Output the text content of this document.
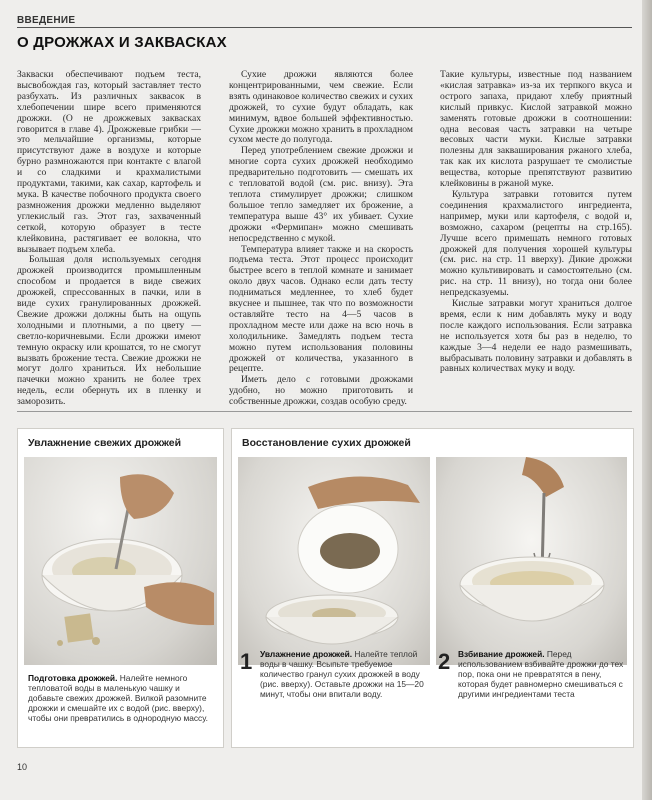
ВВЕДЕНИЕ
О ДРОЖЖАХ И ЗАКВАСКАХ

Закваски обеспечивают подъем теста, высвобождая газ, который заставляет тесто разбухать. Из различных заквасок в хлебопечении шире всего применяются дрожжи. (О не дрожжевых заквасках говорится в главе 4). Дрожжевые грибки — это мельчайшие организмы, которые присутствуют даже в воздухе и которые бурно размножаются при контакте с влагой и со сладкими и крахмалистыми продуктами, такими, как сахар, картофель и мука. В качестве побочного продукта своего размножения дрожжи медленно выделяют углекислый газ. Этот газ, захваченный сеткой, которую образует в тесте клейковина, растягивает ее волокна, что вызывает подъем хлеба.

Большая доля используемых сегодня дрожжей производится промышленным способом и продается в виде свежих дрожжей, спрессованных в пачки, или в виде сухих гранулированных дрожжей. Свежие дрожжи должны быть на ощупь холодными и плотными, а по цвету — светло-коричневыми. Если дрожжи имеют темную окраску или крошатся, то не смогут вызвать брожение теста. Свежие дрожжи не могут долго храниться. Их небольшие пачечки можно хранить не более трех недель, если обернуть их в пленку и заморозить.

Сухие дрожжи являются более концентрированными, чем свежие. Если взять одинаковое количество свежих и сухих дрожжей, то сухие будут обладать, как минимум, вдвое большей эффективностью. Сухие дрожжи можно хранить в прохладном сухом месте до полугода.

Перед употреблением свежие дрожжи и многие сорта сухих дрожжей необходимо предварительно подготовить — смешать их с тепловатой водой (см. рис. внизу). Эта теплота стимулирует дрожжи; слишком большое тепло замедляет их брожение, а температура выше 43° их убивает. Сухие дрожжи «Фермипан» можно смешивать непосредственно с мукой.

Температура влияет также и на скорость подъема теста. Этот процесс происходит быстрее всего в теплой комнате и занимает около двух часов. Однако если дать тесту подниматься медленнее, то хлеб будет вкуснее и пышнее, так что по возможности оставляйте тесто на 4—5 часов в прохладном месте или даже на всю ночь в холодильнике. Замедлять подъем теста можно путем использования половины дрожжей от количества, указанного в рецепте.

Иметь дело с готовыми дрожжами удобно, но можно приготовить и собственные дрожжи, создав особую среду.

Такие культуры, известные под названием «кислая затравка» из-за их терпкого вкуса и острого запаха, придают хлебу приятный кислый привкус. Кислой затравкой можно заменять готовые дрожжи в соотношении: одна весовая часть затравки на четыре весовых части муки. Кислые затравки полезны для закваширования ржаного хлеба, так как их кислота разрушает те смолистые вещества, которые препятствуют развитию клейковины в ржаной муке.

Культура затравки готовится путем соединения крахмалистого ингредиента, например, муки или картофеля, с водой и, возможно, сахаром (рецепты на стр.165). Лучше всего примешать немного готовых дрожжей для получения хорошей культуры (см. рис. на стр. 11 вверху). Дикие дрожжи можно культивировать и самостоятельно (см. рис. на стр. 11 внизу), но тогда они более непредсказуемы.

Кислые затравки могут храниться долгое время, если к ним добавлять муку и воду после каждого использования. Если затравка не используется хотя бы раз в неделю, то каждые 3—4 недели ее надо размешивать, выбрасывать половину затравки и добавлять в равных количествах муку и воду.

Увлажнение свежих дрожжей
Подготовка дрожжей. Налейте немного тепловатой воды в маленькую чашку и добавьте свежих дрожжей. Вилкой разомните дрожжи и смешайте их с водой (рис. вверху), чтобы они превратились в однородную массу.
Восстановление сухих дрожжей
1 Увлажнение дрожжей. Налейте теплой воды в чашку. Всыпьте требуемое количество гранул сухих дрожжей в воду (рис. вверху). Оставьте дрожжи на 15—20 минут, чтобы они впитали воду.
2 Взбивание дрожжей. Перед использованием взбивайте дрожжи до тех пор, пока они не превратятся в пену, которая будет равномерно смешиваться с другими ингредиентами теста
10
